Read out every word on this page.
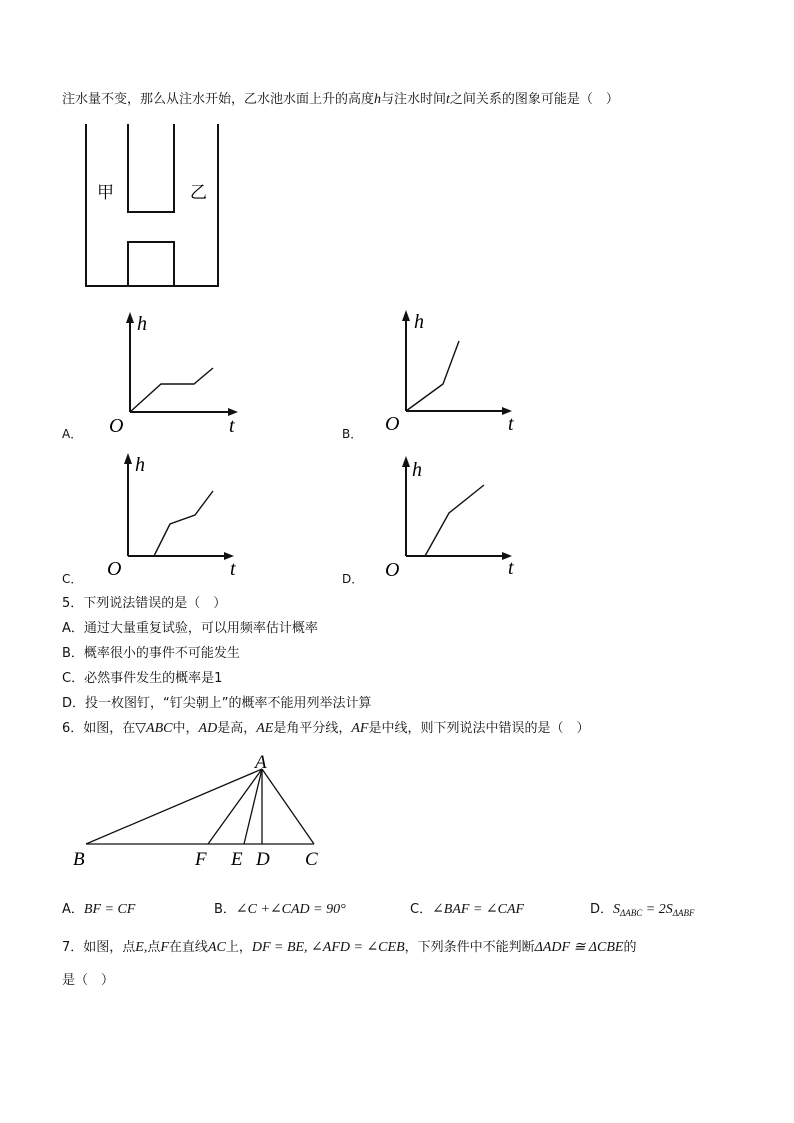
注水量不变，那么从注水开始，乙水池水面上升的高度h与注水时间t之间关系的图象可能是（　）
甲	乙
h
t
O
h
t
O
h
t
O
h
t
O
A
B	F E D C
A．	B．
C．	D．
5．下列说法错误的是（　）
A．通过大量重复试验，可以用频率估计概率
B．概率很小的事件不可能发生
C．必然事件发生的概率是1
D．投一枚图钉，“钉尖朝上”的概率不能用列举法计算
6．如图，在▽ABC中，AD是高，AE是角平分线，AF是中线，则下列说法中错误的是（　）
A．BF = CF	B．∠C +∠CAD = 90°	C．∠BAF = ∠CAF	D．$S_{\Delta ABC} = 2S_{\Delta ABF}$
7．如图，点E,点F在直线AC上，DF = BE, ∠AFD = ∠CEB，下列条件中不能判断ΔADF ≅ ΔCBE的
是（　）
